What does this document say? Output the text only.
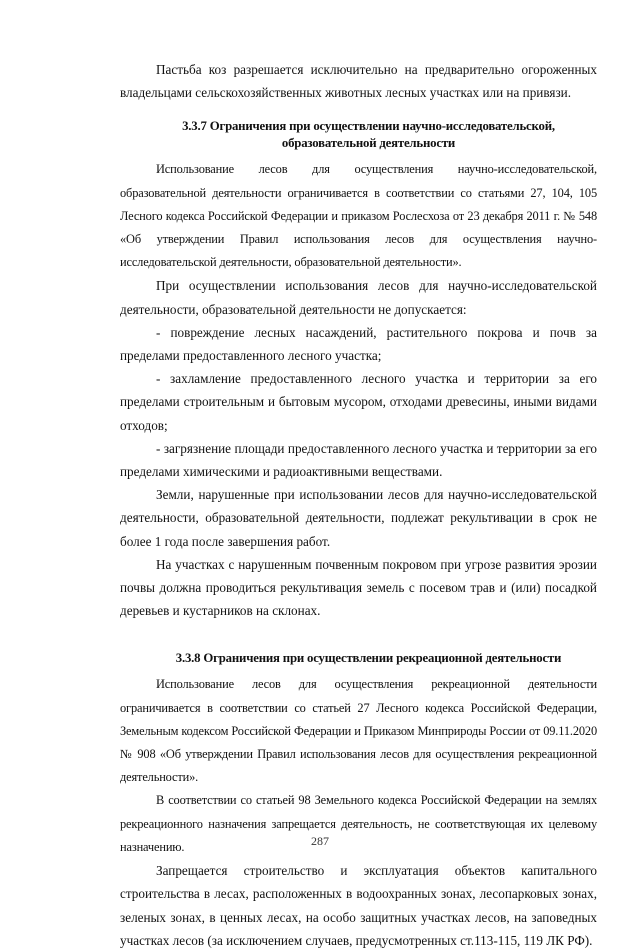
Пастьба коз разрешается исключительно на предварительно огороженных владельцами сельскохозяйственных животных лесных участках или на привязи.

3.3.7 Ограничения при осуществлении научно-исследовательской, образовательной деятельности

Использование лесов для осуществления научно-исследовательской, образовательной деятельности ограничивается в соответствии со статьями 27, 104, 105 Лесного кодекса Российской Федерации и приказом Рослесхоза от 23 декабря 2011 г. № 548 «Об утверждении Правил использования лесов для осуществления научно-исследовательской деятельности, образовательной деятельности».

При осуществлении использования лесов для научно-исследовательской деятельности, образовательной деятельности не допускается:

- повреждение лесных насаждений, растительного покрова и почв за пределами предоставленного лесного участка;

- захламление предоставленного лесного участка и территории за его пределами строительным и бытовым мусором, отходами древесины, иными видами отходов;

- загрязнение площади предоставленного лесного участка и территории за его пределами химическими и радиоактивными веществами.

Земли, нарушенные при использовании лесов для научно-исследовательской деятельности, образовательной деятельности, подлежат рекультивации в срок не более 1 года после завершения работ.

На участках с нарушенным почвенным покровом при угрозе развития эрозии почвы должна проводиться рекультивация земель с посевом трав и (или) посадкой деревьев и кустарников на склонах.

3.3.8 Ограничения при осуществлении рекреационной деятельности

Использование лесов для осуществления рекреационной деятельности ограничивается в соответствии со статьей 27 Лесного кодекса Российской Федерации, Земельным кодексом Российской Федерации и Приказом Минприроды России от 09.11.2020 № 908 «Об утверждении Правил использования лесов для осуществления рекреационной деятельности».

В соответствии со статьей 98 Земельного кодекса Российской Федерации на землях рекреационного назначения запрещается деятельность, не соответствующая их целевому назначению.

Запрещается строительство и эксплуатация объектов капитального строительства в лесах, расположенных в водоохранных зонах, лесопарковых зонах, зеленых зонах, в ценных лесах, на особо защитных участках лесов, на заповедных участках лесов (за исключением случаев, предусмотренных ст.113-115, 119 ЛК РФ).

287
